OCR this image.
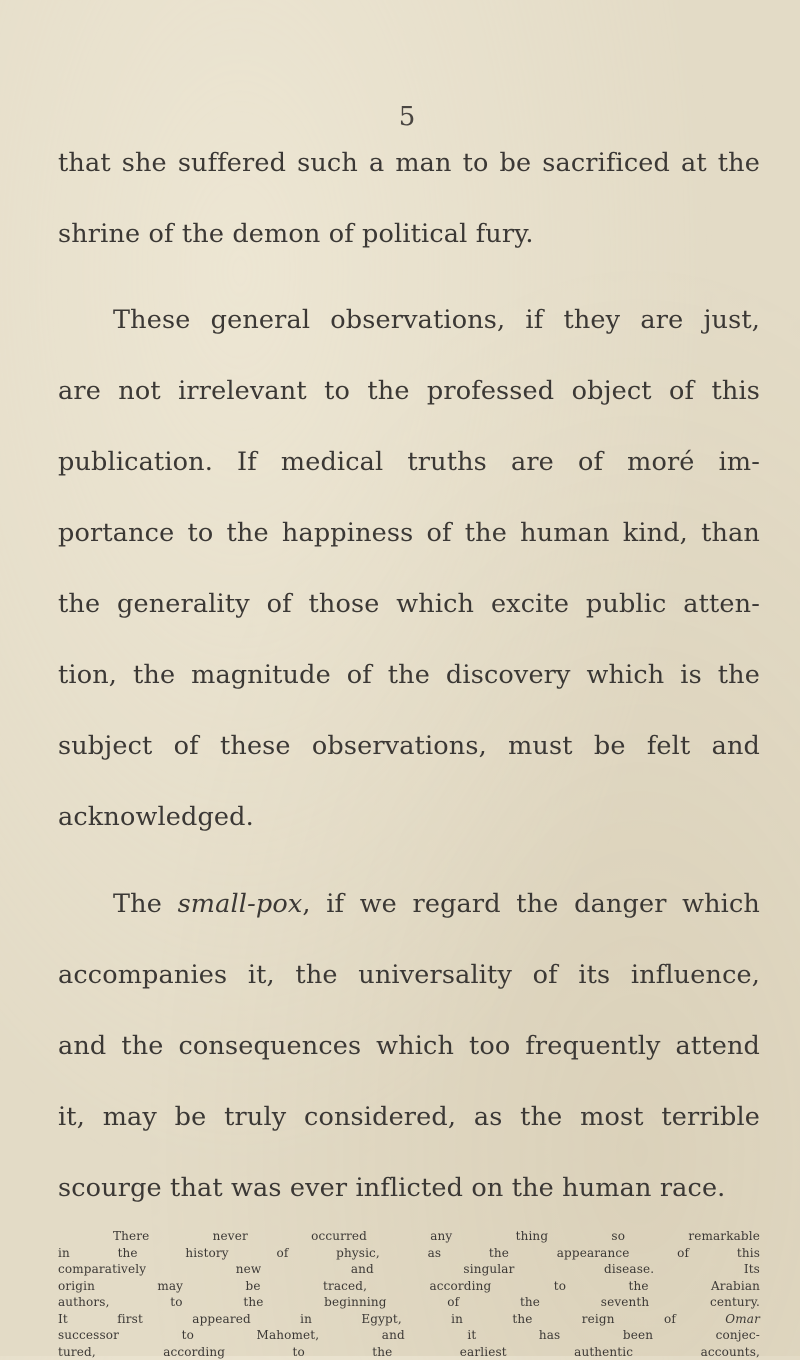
5
that she suffered such a man to be sacrificed at the
shrine of the demon of political fury.
These general observations, if they are just,
are not irrelevant to the professed object of this
publication. If medical truths are of moré im-
portance to the happiness of the human kind, than
the generality of those which excite public atten-
tion, the magnitude of the discovery which is the
subject of these observations, must be felt and
acknowledged.
The small-pox, if we regard the danger which
accompanies it, the universality of its influence,
and the consequences which too frequently attend
it, may be truly considered, as the most terrible
scourge that was ever inflicted on the human race.
There never occurred any thing so remarkable
in the history of physic, as the appearance of this
comparatively new and singular disease. Its
origin may be traced, according to the Arabian
authors, to the beginning of the seventh century.
It first appeared in Egypt, in the reign of Omar
successor to Mahomet, and it has been conjec-
tured, according to the earliest authentic accounts,
